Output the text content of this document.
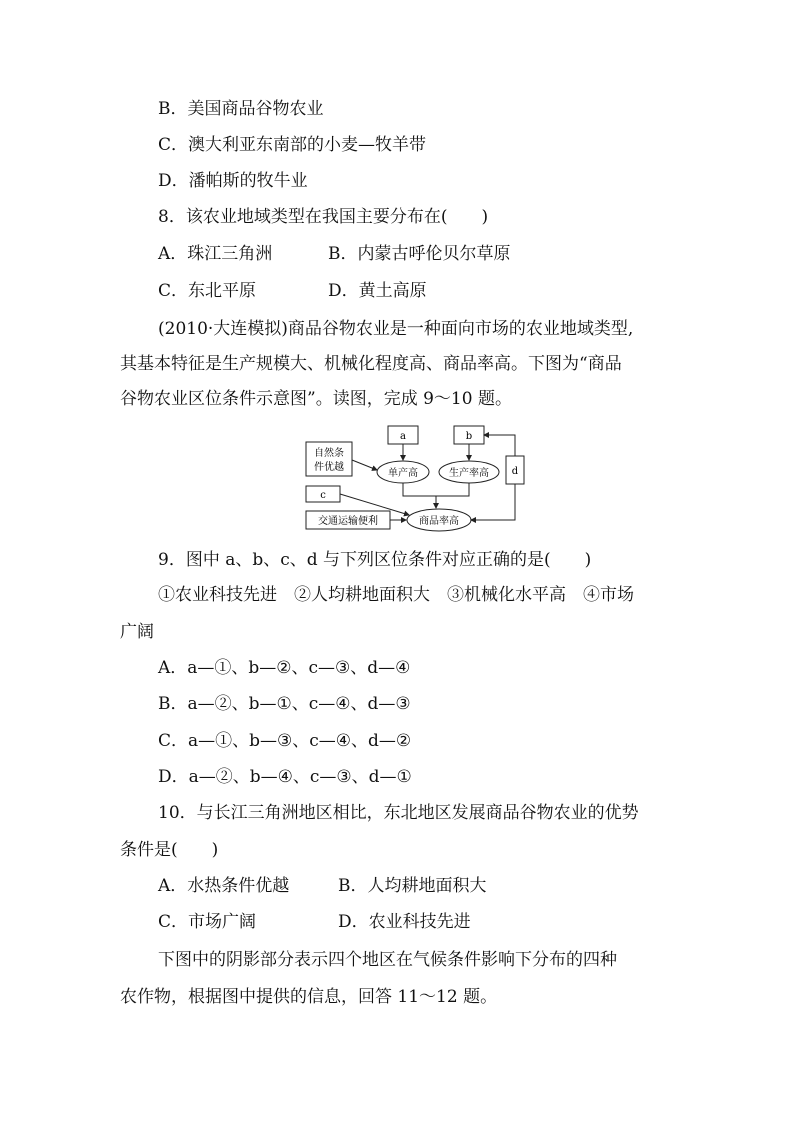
B．美国商品谷物农业
C．澳大利亚东南部的小麦—牧羊带
D．潘帕斯的牧牛业
8．该农业地域类型在我国主要分布在(　　)
A．珠江三角洲	B．内蒙古呼伦贝尔草原
C．东北平原	D．黄土高原
(2010·大连模拟)商品谷物农业是一种面向市场的农业地域类型,
其基本特征是生产规模大、机械化程度高、商品率高。下图为“商品
谷物农业区位条件示意图”。读图，完成 9～10 题。
自然条
件优越
a	b
单产高	生产率高 d
c
交通运输便利	商品率高
9．图中 a、b、c、d 与下列区位条件对应正确的是(　　)
①农业科技先进　②人均耕地面积大　③机械化水平高　④市场
广阔
A．a—①、b—②、c—③、d—④
B．a—②、b—①、c—④、d—③
C．a—①、b—③、c—④、d—②
D．a—②、b—④、c—③、d—①
10．与长江三角洲地区相比，东北地区发展商品谷物农业的优势
条件是(　　)
A．水热条件优越	B．人均耕地面积大
C．市场广阔	D．农业科技先进
下图中的阴影部分表示四个地区在气候条件影响下分布的四种
农作物，根据图中提供的信息，回答 11～12 题。
